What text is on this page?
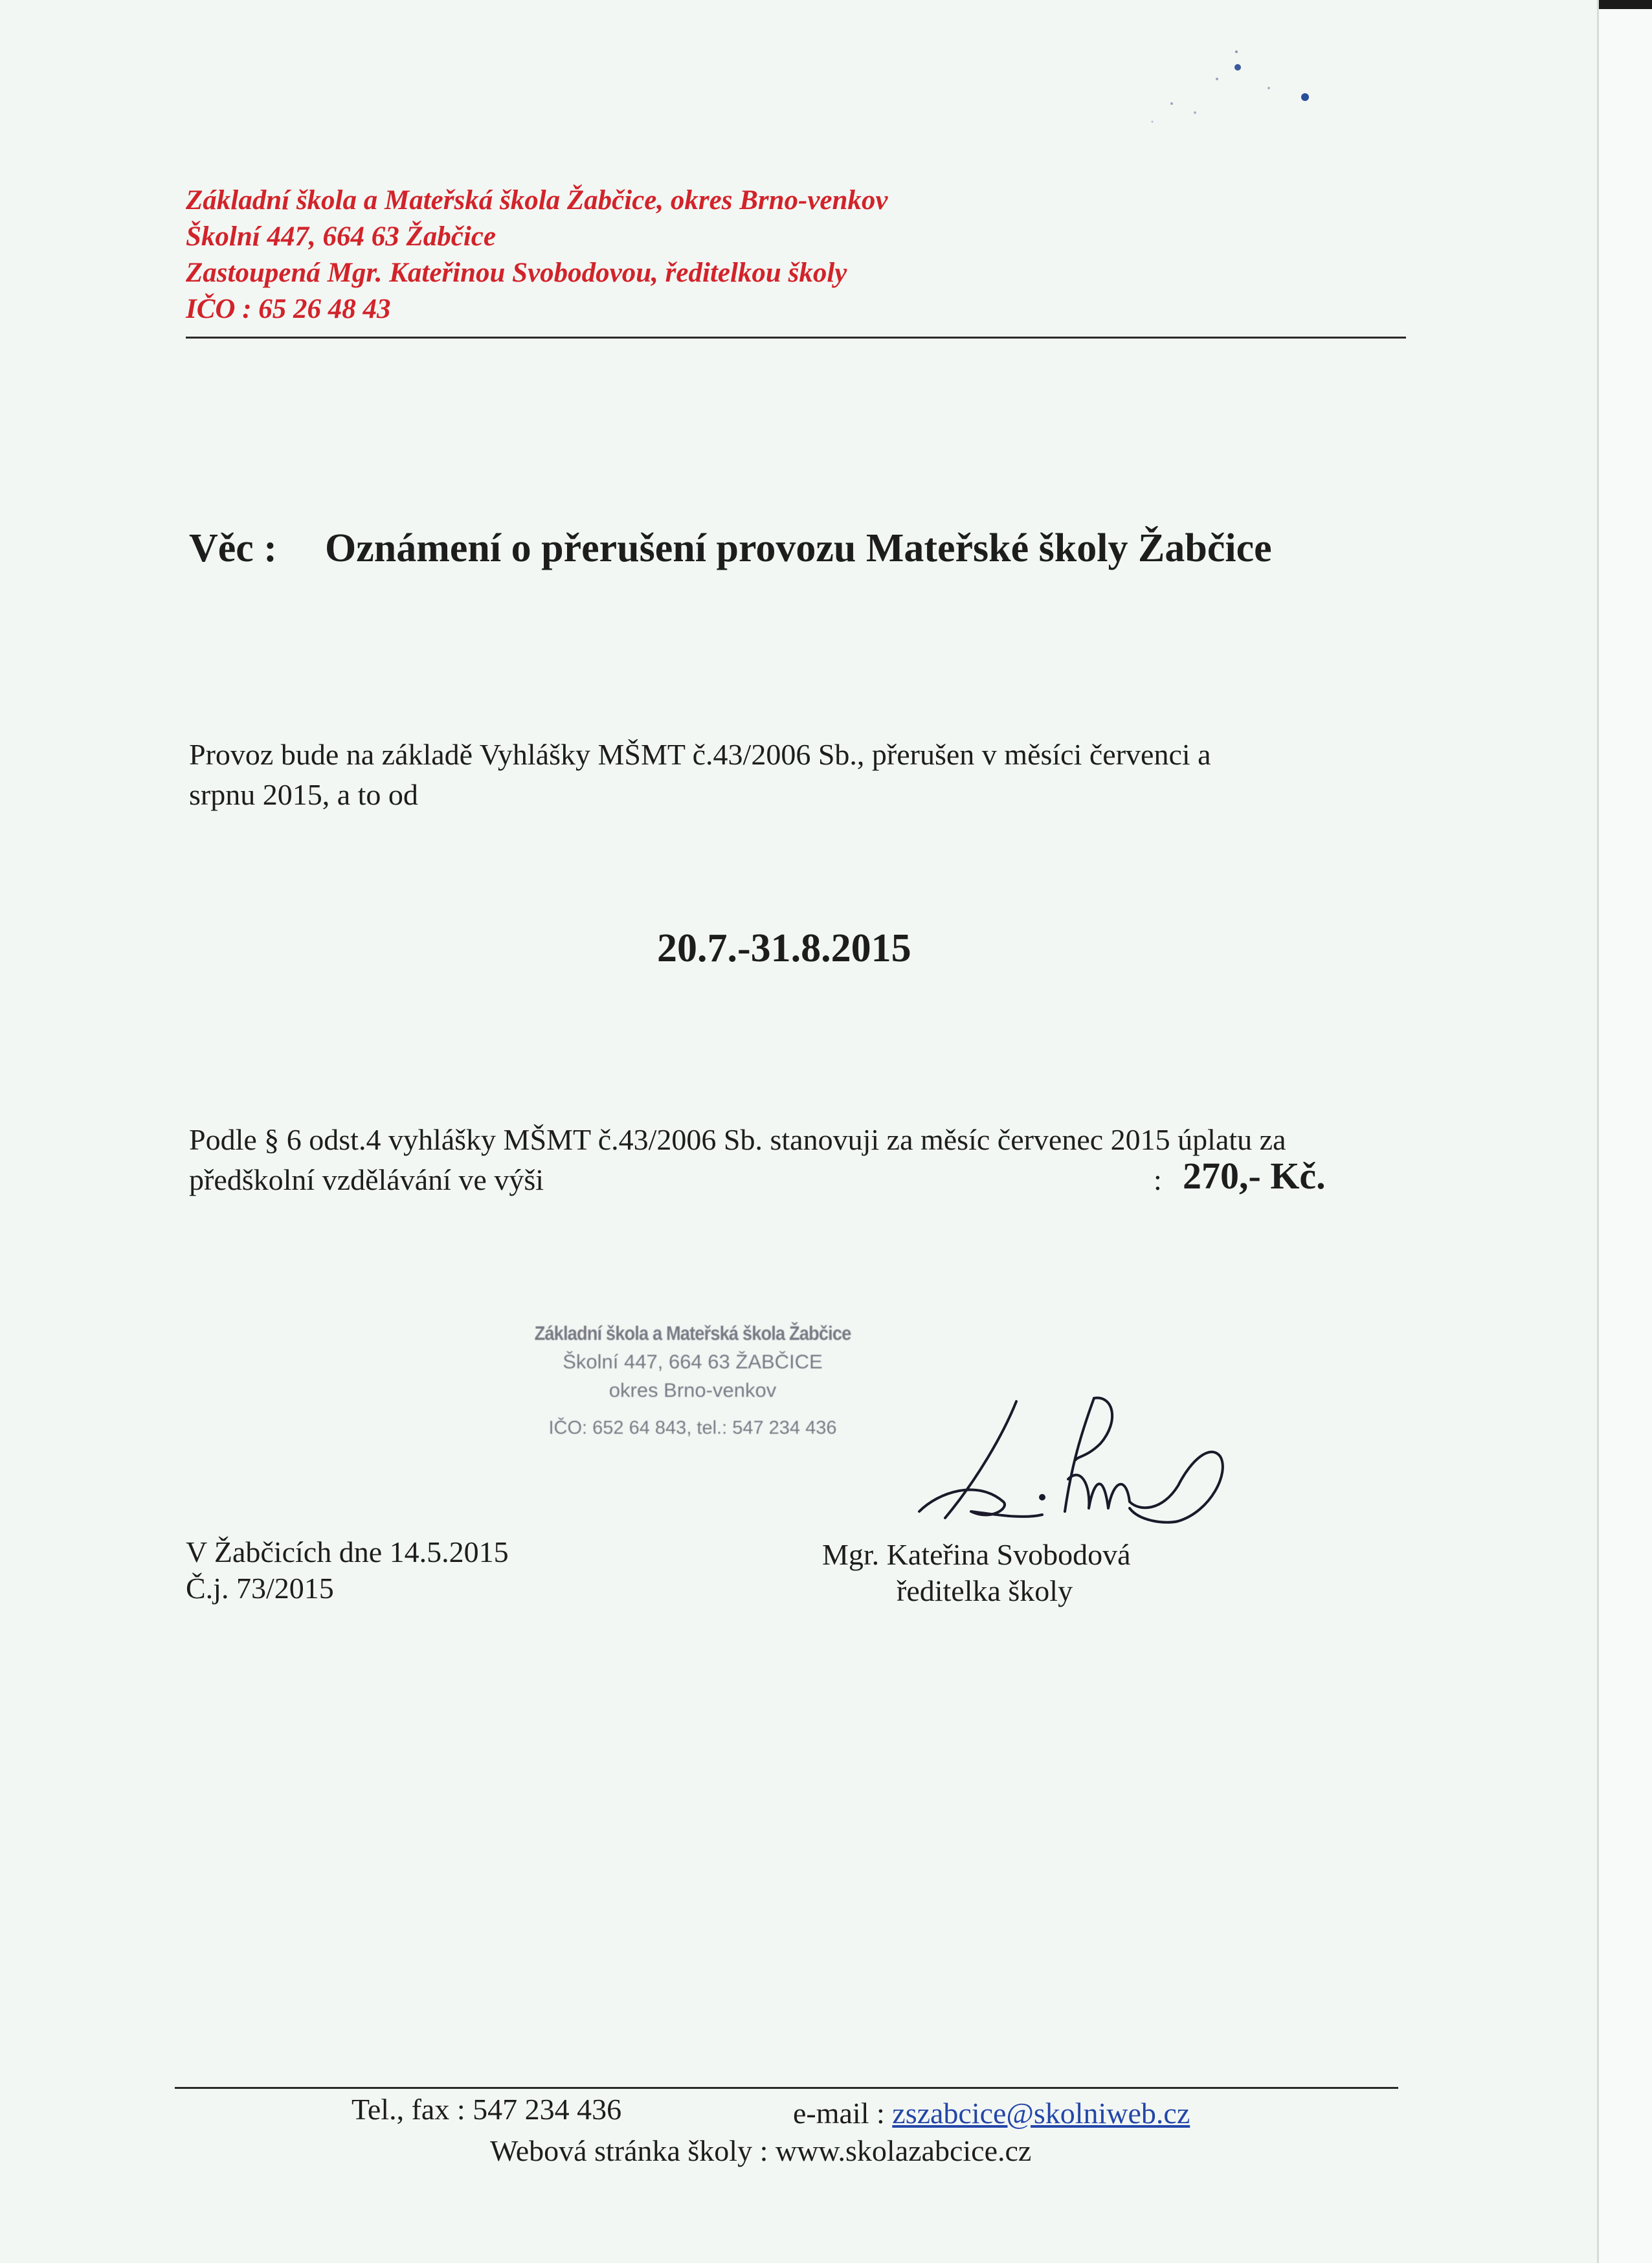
Základní škola a Mateřská škola Žabčice, okres Brno-venkov
Školní 447, 664 63 Žabčice
Zastoupená Mgr. Kateřinou Svobodovou, ředitelkou školy
IČO : 65 26 48 43
Věc : Oznámení o přerušení provozu Mateřské školy Žabčice
Provoz bude na základě Vyhlášky MŠMT č.43/2006 Sb., přerušen v měsíci červenci a
srpnu 2015, a to od
20.7.-31.8.2015
Podle § 6 odst.4 vyhlášky MŠMT č.43/2006 Sb. stanovuji za měsíc červenec 2015 úplatu za
předškolní vzdělávání ve výši	: 270,- Kč.
Základní škola a Mateřská škola Žabčice
Školní 447, 664 63 ŽABČICE
okres Brno-venkov
IČO: 652 64 843, tel.: 547 234 436
V Žabčicích dne 14.5.2015
Č.j. 73/2015
Mgr. Kateřina Svobodová
ředitelka školy
Tel., fax : 547 234 436	e-mail : zszabcice@skolniweb.cz
Webová stránka školy : www.skolazabcice.cz
